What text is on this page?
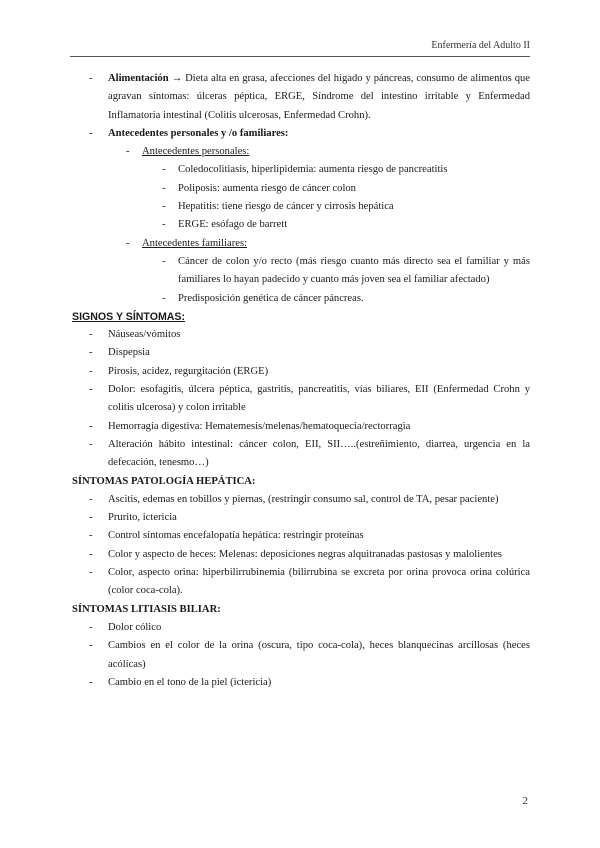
Enfermería del Adulto II
- Alimentación → Dieta alta en grasa, afecciones del hígado y páncreas, consumo de alimentos que agravan síntomas: úlceras péptica, ERGE, Síndrome del intestino irritable y Enfermedad Inflamatoria intestinal (Colitis ulcerosas, Enfermedad Crohn).
- Antecedentes personales y /o familiares:
- Antecedentes personales:
- Coledocolitiasis, hiperlipidemia: aumenta riesgo de pancreatitis
- Poliposis: aumenta riesgo de cáncer colon
- Hepatitis: tiene riesgo de cáncer y cirrosis hepática
- ERGE: esófago de barrett
- Antecedentes familiares:
- Cáncer de colon y/o recto (más riesgo cuanto más directo sea el familiar y más familiares lo hayan padecido y cuanto más joven sea el familiar afectado)
- Predisposición genética de cáncer páncreas.
SIGNOS Y SÍNTOMAS:
- Náuseas/vómitos
- Dispepsia
- Pirosis, acidez, regurgitación (ERGE)
- Dolor: esofagitis, úlcera péptica, gastritis, pancreatitis, vías biliares, EII (Enfermedad Crohn y colitis ulcerosa) y colon irritable
- Hemorragia digestiva: Hematemesis/melenas/hematoquecia/rectorragia
- Alteración hábito intestinal: cáncer colon, EII, SII…..(estreñimiento, diarrea, urgencia en la defecación, tenesmo…)
SÍNTOMAS PATOLOGÍA HEPÁTICA:
- Ascitis, edemas en tobillos y piernas, (restringir consumo sal, control de TA, pesar paciente)
- Prurito, ictericia
- Control síntomas encefalopatía hepática: restringir proteínas
- Color y aspecto de heces: Melenas: deposiciones negras alquitranadas pastosas y malolientes
- Color, aspecto orina: hiperbilirrubinemia (bilirrubina se excreta por orina provoca orina colúrica (color coca-cola).
SÍNTOMAS LITIASIS BILIAR:
- Dolor cólico
- Cambios en el color de la orina (oscura, tipo coca-cola), heces blanquecinas arcillosas (heces acólicas)
- Cambio en el tono de la piel (ictericia)
2
